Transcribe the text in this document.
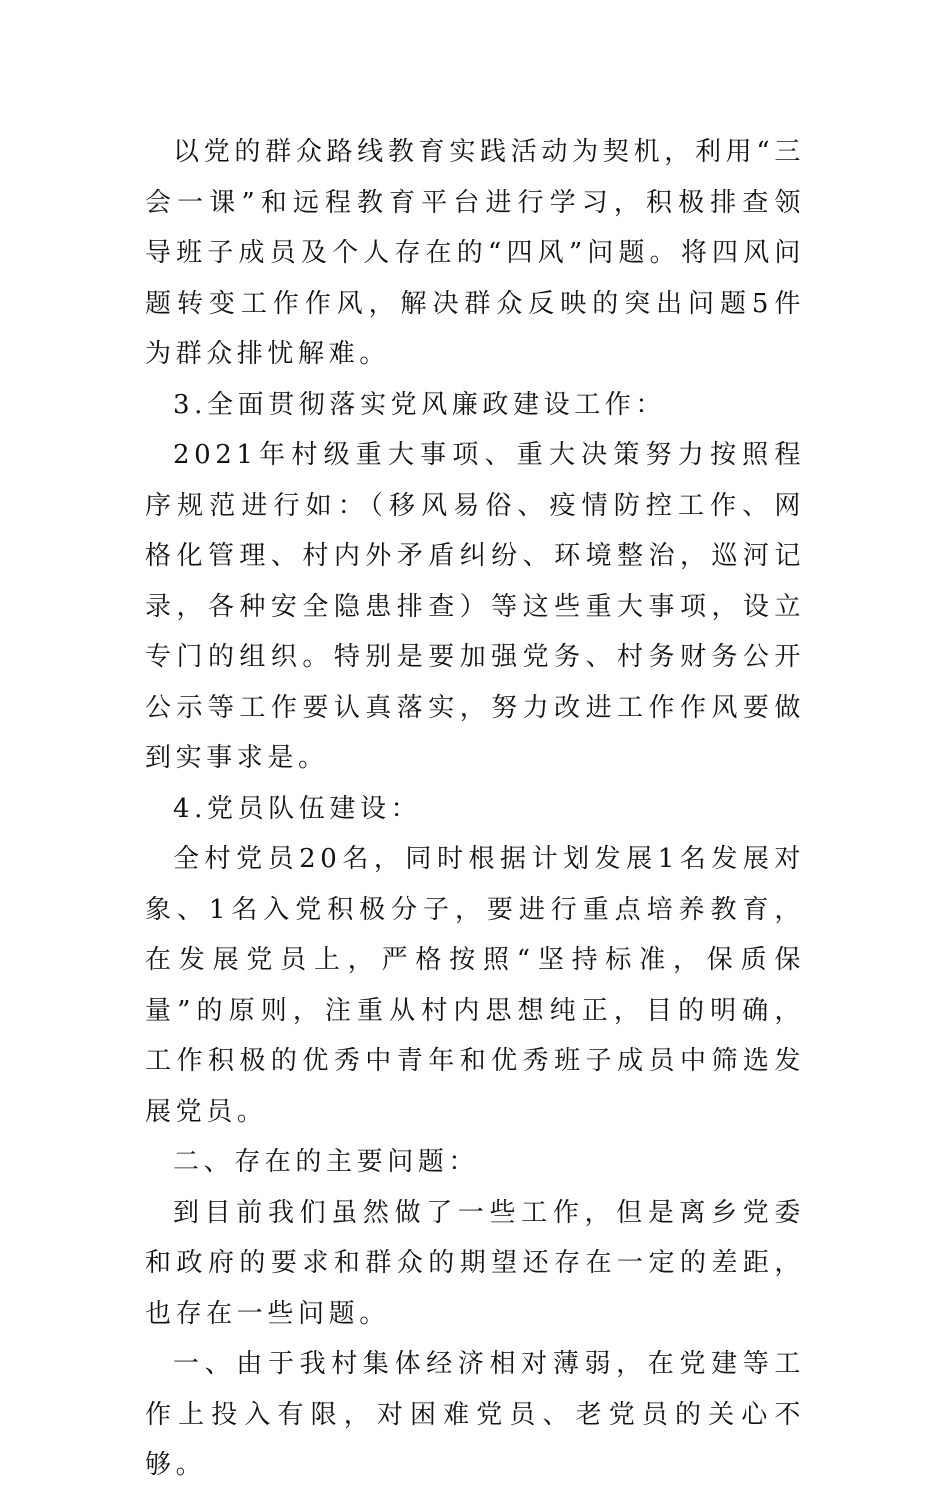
以党的群众路线教育实践活动为契机，利用“三会一课”和远程教育平台进行学习，积极排查领导班子成员及个人存在的“四风”问题。将四风问题转变工作作风，解决群众反映的突出问题5件为群众排忧解难。

3.全面贯彻落实党风廉政建设工作：

2021年村级重大事项、重大决策努力按照程序规范进行如：（移风易俗、疫情防控工作、网格化管理、村内外矛盾纠纷、环境整治，巡河记录，各种安全隐患排查）等这些重大事项，设立专门的组织。特别是要加强党务、村务财务公开公示等工作要认真落实，努力改进工作作风要做到实事求是。

4.党员队伍建设：

全村党员20名，同时根据计划发展1名发展对象、1名入党积极分子，要进行重点培养教育，在发展党员上，严格按照“坚持标准，保质保量”的原则，注重从村内思想纯正，目的明确，工作积极的优秀中青年和优秀班子成员中筛选发展党员。

二、存在的主要问题：

到目前我们虽然做了一些工作，但是离乡党委和政府的要求和群众的期望还存在一定的差距，也存在一些问题。

一、由于我村集体经济相对薄弱，在党建等工作上投入有限，对困难党员、老党员的关心不够。
